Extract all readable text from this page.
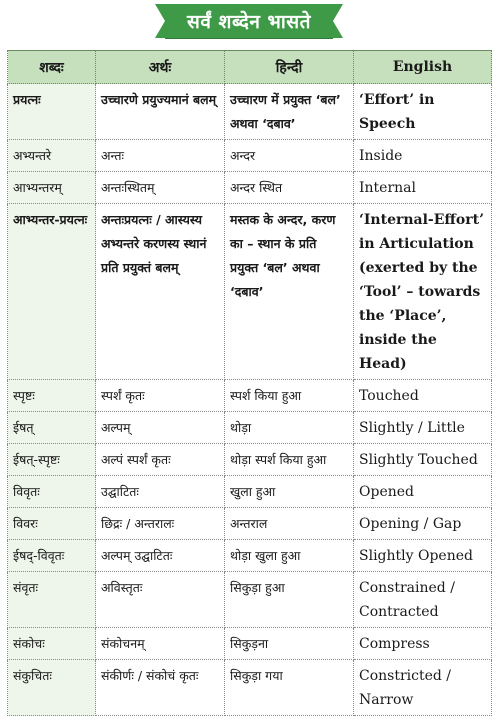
सर्वं शब्देन भासते
शब्दः	अर्थः	हिन्दी	English
प्रयत्नः	उच्चारणे प्रयुज्यमानं बलम्	उच्चारण में प्रयुक्त ‘बल’ अथवा ‘दबाव’	‘Effort’ in Speech
अभ्यन्तरे	अन्तः	अन्दर	Inside
आभ्यन्तरम्	अन्तःस्थितम्	अन्दर स्थित	Internal
आभ्यन्तर-प्रयत्नः	अन्तःप्रयत्नः / आस्यस्य अभ्यन्तरे करणस्य स्थानं प्रति प्रयुक्तं बलम्	मस्तक के अन्दर, करण का – स्थान के प्रति प्रयुक्त ‘बल’ अथवा ‘दबाव’	‘Internal-Effort’ in Articulation (exerted by the ‘Tool’ – towards the ‘Place’, inside the Head)
स्पृष्टः	स्पर्शं कृतः	स्पर्श किया हुआ	Touched
ईषत्	अल्पम्	थोड़ा	Slightly / Little
ईषत्-स्पृष्टः	अल्पं स्पर्शं कृतः	थोड़ा स्पर्श किया हुआ	Slightly Touched
विवृतः	उद्घाटितः	खुला हुआ	Opened
विवरः	छिद्रः / अन्तरालः	अन्तराल	Opening / Gap
ईषद्-विवृतः	अल्पम् उद्घाटितः	थोड़ा खुला हुआ	Slightly Opened
संवृतः	अविस्तृतः	सिकुड़ा हुआ	Constrained / Contracted
संकोचः	संकोचनम्	सिकुड़ना	Compress
संकुचितः	संकीर्णः / संकोचं कृतः	सिकुड़ा गया	Constricted / Narrow
